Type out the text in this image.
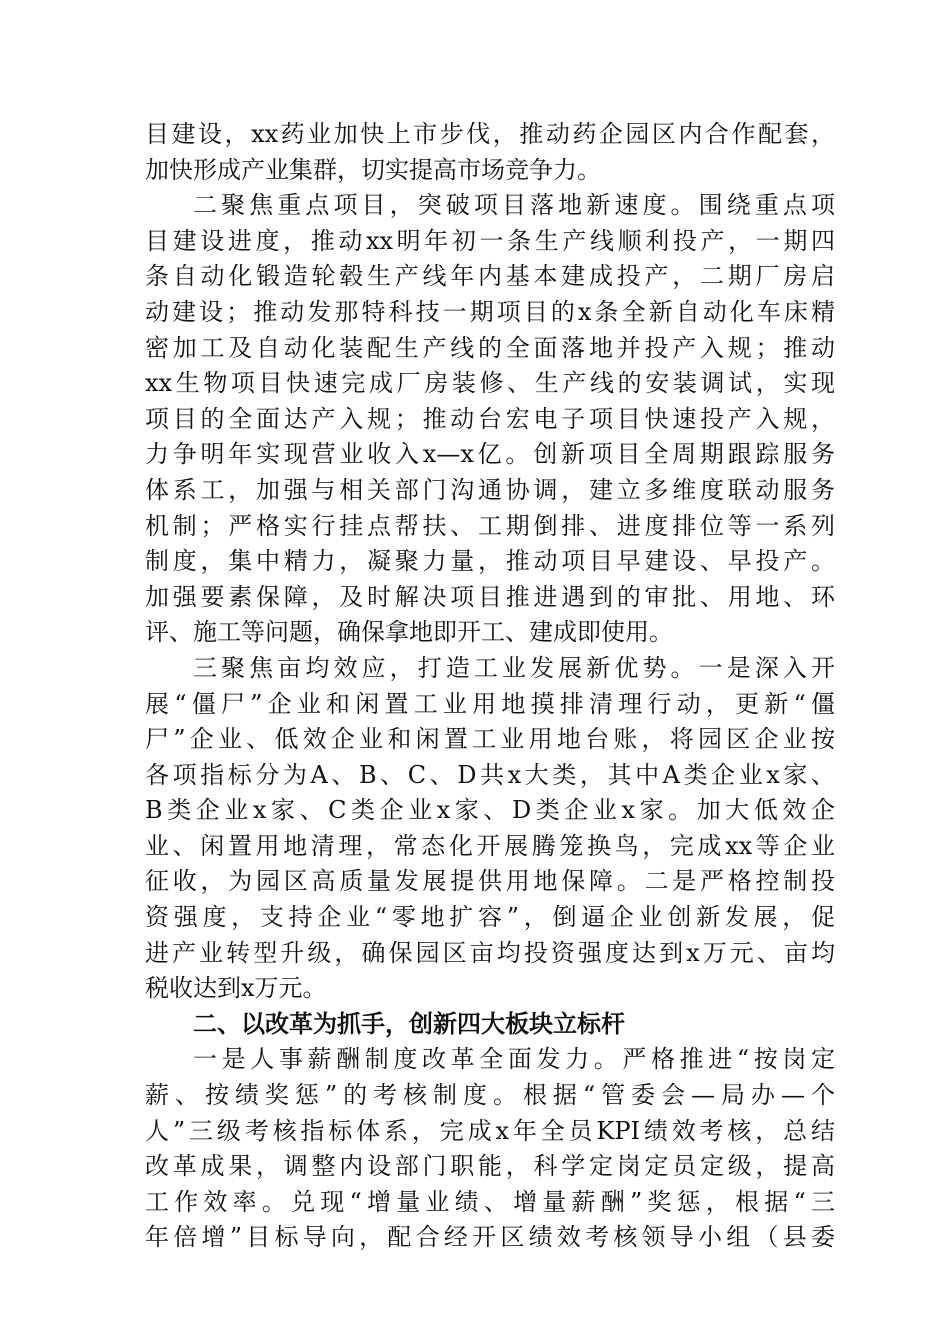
目建设，xx药业加快上市步伐，推动药企园区内合作配套，
加快形成产业集群，切实提高市场竞争力。
二聚焦重点项目，突破项目落地新速度。围绕重点项
目建设进度，推动xx明年初一条生产线顺利投产，一期四
条自动化锻造轮毂生产线年内基本建成投产，二期厂房启
动建设；推动发那特科技一期项目的x条全新自动化车床精
密加工及自动化装配生产线的全面落地并投产入规；推动
xx生物项目快速完成厂房装修、生产线的安装调试，实现
项目的全面达产入规；推动台宏电子项目快速投产入规，
力争明年实现营业收入x—x亿。创新项目全周期跟踪服务
体系工，加强与相关部门沟通协调，建立多维度联动服务
机制；严格实行挂点帮扶、工期倒排、进度排位等一系列
制度，集中精力，凝聚力量，推动项目早建设、早投产。
加强要素保障，及时解决项目推进遇到的审批、用地、环
评、施工等问题，确保拿地即开工、建成即使用。
三聚焦亩均效应，打造工业发展新优势。一是深入开
展“僵尸”企业和闲置工业用地摸排清理行动，更新“僵
尸”企业、低效企业和闲置工业用地台账，将园区企业按
各项指标分为A、B、C、D共x大类，其中A类企业x家、
B类企业x家、C类企业x家、D类企业x家。加大低效企
业、闲置用地清理，常态化开展腾笼换鸟，完成xx等企业
征收，为园区高质量发展提供用地保障。二是严格控制投
资强度，支持企业“零地扩容”，倒逼企业创新发展，促
进产业转型升级，确保园区亩均投资强度达到x万元、亩均
税收达到x万元。
二、以改革为抓手，创新四大板块立标杆
一是人事薪酬制度改革全面发力。严格推进“按岗定
薪、按绩奖惩”的考核制度。根据“管委会—局办—个
人”三级考核指标体系，完成x年全员KPI绩效考核，总结
改革成果，调整内设部门职能，科学定岗定员定级，提高
工作效率。兑现“增量业绩、增量薪酬”奖惩，根据“三
年倍增”目标导向，配合经开区绩效考核领导小组（县委
